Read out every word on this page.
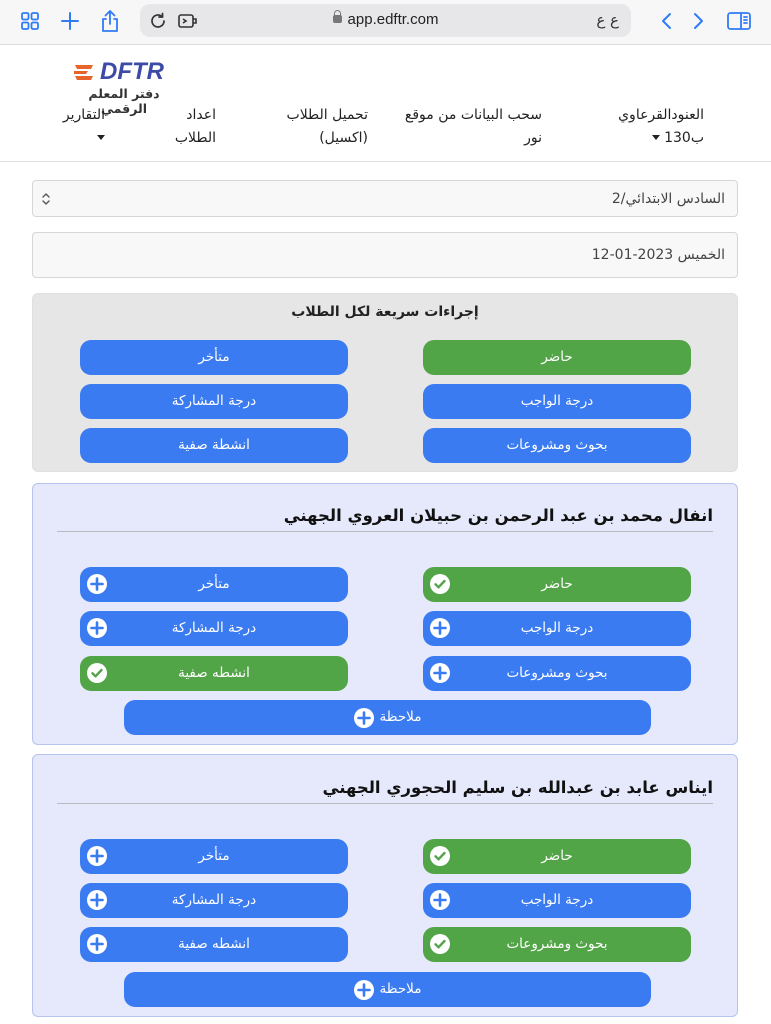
app.edftr.com	ع ع
DFTR
دفتر المعلم الرقمي	العنودالقرعاوي
ب130
سحب البيانات من موقع
نور
تحميل الطلاب
(اكسيل)
اعداد
الطلاب
التقارير
السادس الابتدائي/2
الخميس 2023-01-12
إجراءات سريعة لكل الطلاب
حاضر
متأخر
درجة الواجب
درجة المشاركة
بحوث ومشروعات
انشطة صفية
انفال محمد بن عبد الرحمن بن حبيلان العروي الجهني
حاضر
متأخر
درجة الواجب
درجة المشاركة
بحوث ومشروعات
انشطه صفية
ملاحظة
ايناس عابد بن عبدالله بن سليم الحجوري الجهني
حاضر
متأخر
درجة الواجب
درجة المشاركة
بحوث ومشروعات
انشطه صفية
ملاحظة
